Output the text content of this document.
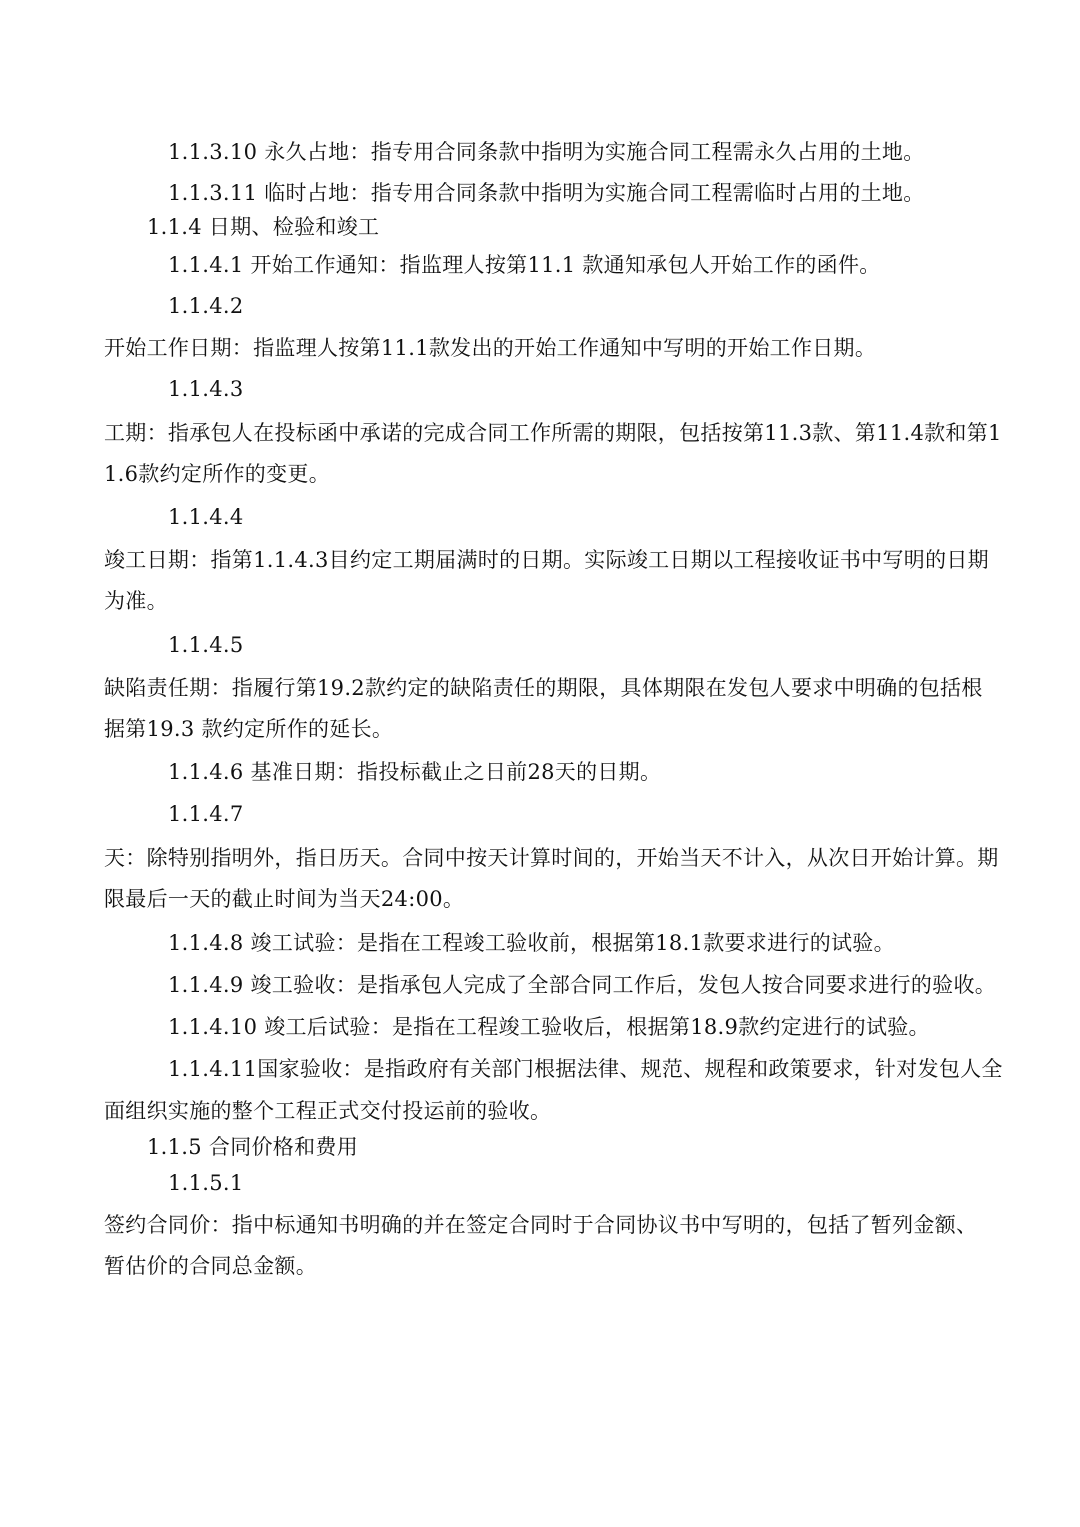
1.1.3.10 永久占地：指专用合同条款中指明为实施合同工程需永久占用的土地。
1.1.3.11 临时占地：指专用合同条款中指明为实施合同工程需临时占用的土地。
1.1.4 日期、检验和竣工
1.1.4.1 开始工作通知：指监理人按第11.1 款通知承包人开始工作的函件。
1.1.4.2
开始工作日期：指监理人按第11.1款发出的开始工作通知中写明的开始工作日期。
1.1.4.3
工期：指承包人在投标函中承诺的完成合同工作所需的期限，包括按第11.3款、第11.4款和第1
1.6款约定所作的变更。
1.1.4.4
竣工日期：指第1.1.4.3目约定工期届满时的日期。实际竣工日期以工程接收证书中写明的日期
为准。
1.1.4.5
缺陷责任期：指履行第19.2款约定的缺陷责任的期限，具体期限在发包人要求中明确的包括根
据第19.3 款约定所作的延长。
1.1.4.6 基准日期：指投标截止之日前28天的日期。
1.1.4.7
天：除特别指明外，指日历天。合同中按天计算时间的，开始当天不计入，从次日开始计算。期
限最后一天的截止时间为当天24:00。
1.1.4.8 竣工试验：是指在工程竣工验收前，根据第18.1款要求进行的试验。
1.1.4.9 竣工验收：是指承包人完成了全部合同工作后，发包人按合同要求进行的验收。
1.1.4.10 竣工后试验：是指在工程竣工验收后，根据第18.9款约定进行的试验。
1.1.4.11国家验收：是指政府有关部门根据法律、规范、规程和政策要求，针对发包人全
面组织实施的整个工程正式交付投运前的验收。
1.1.5 合同价格和费用
1.1.5.1
签约合同价：指中标通知书明确的并在签定合同时于合同协议书中写明的，包括了暂列金额、
暂估价的合同总金额。
